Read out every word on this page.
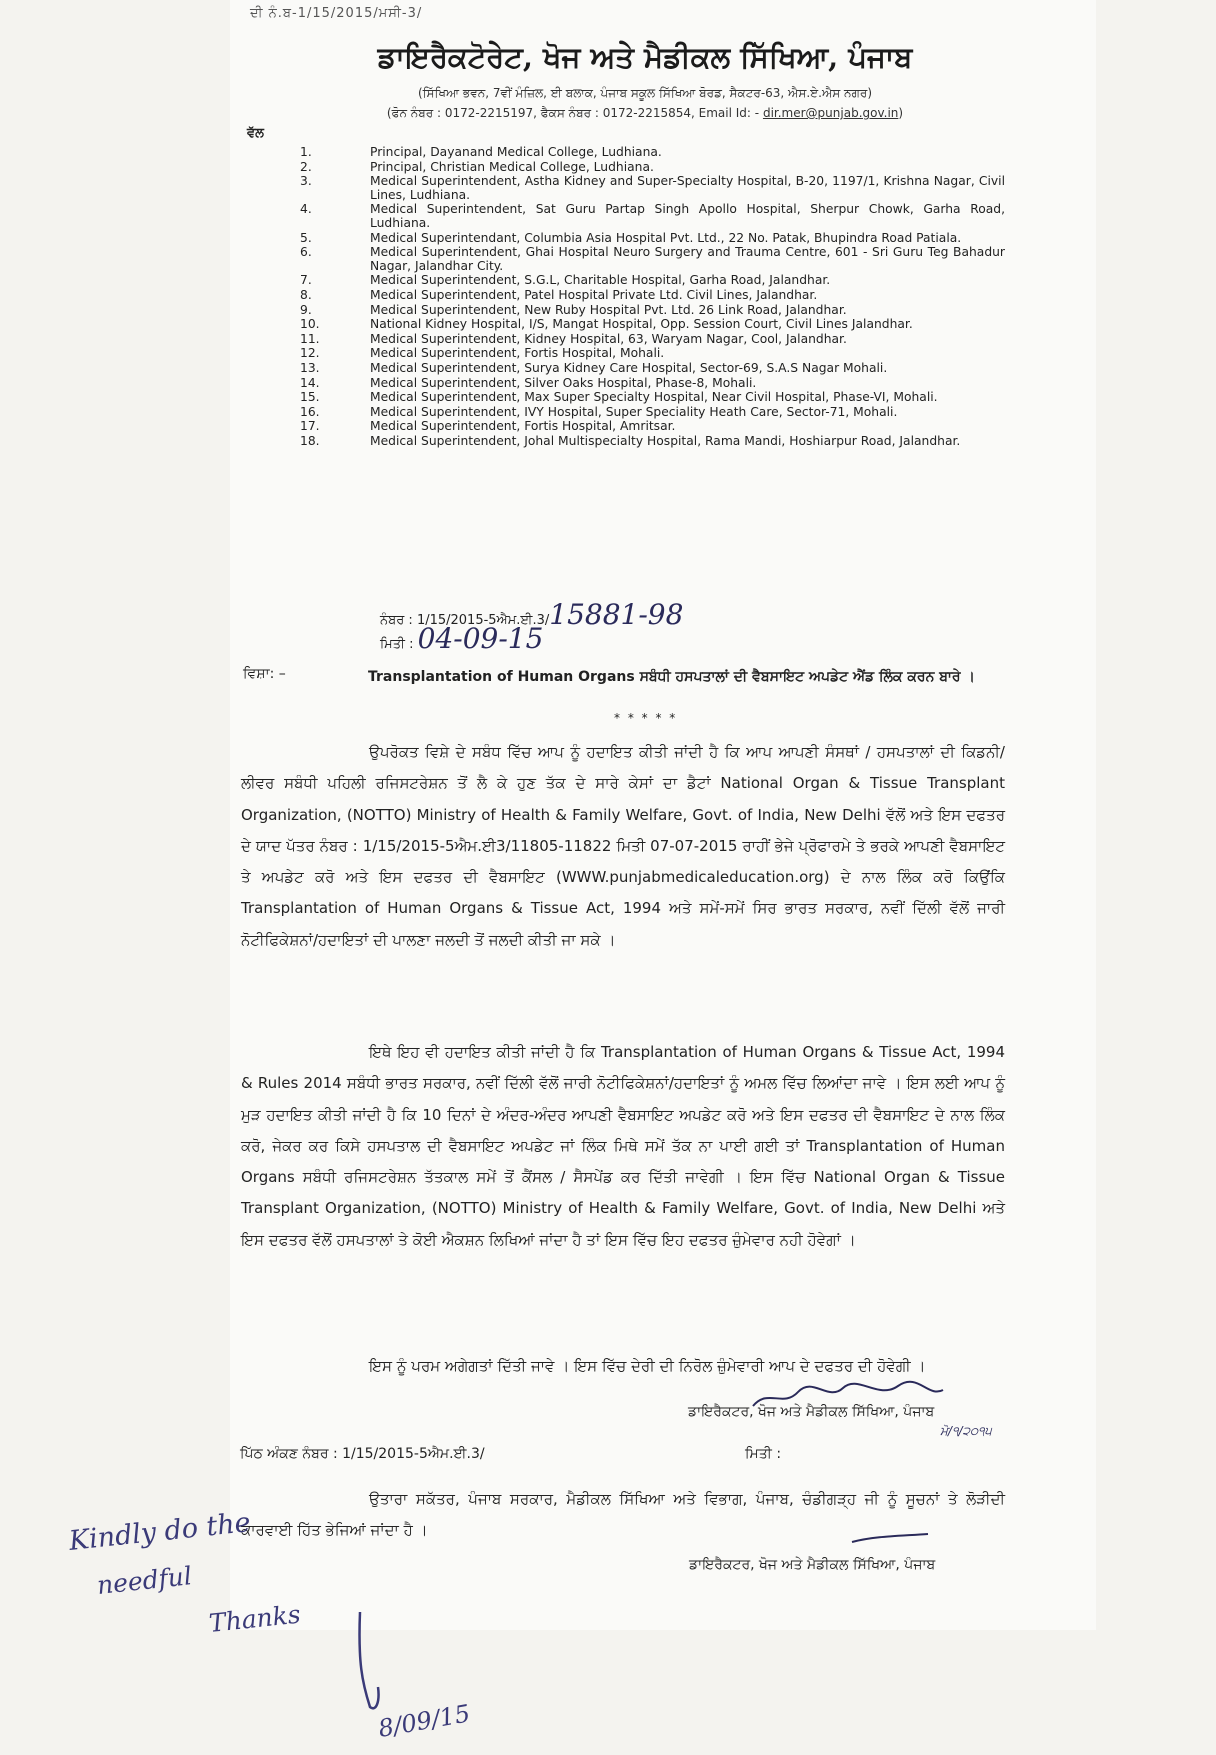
ਦੀ ਨੰ.ਬ-1/15/2015/ਮਸੀ-3/
ਡਾਇਰੈਕਟੋਰੇਟ, ਖੋਜ ਅਤੇ ਮੈਡੀਕਲ ਸਿੱਖਿਆ, ਪੰਜਾਬ
(ਸਿੱਖਿਆ ਭਵਨ, 7ਵੀਂ ਮੰਜ਼ਿਲ, ਈ ਬਲਾਕ, ਪੰਜਾਬ ਸਕੂਲ ਸਿੱਖਿਆ ਬੋਰਡ, ਸੈਕਟਰ-63, ਐਸ.ਏ.ਐਸ ਨਗਰ)
(ਫੋਨ ਨੰਬਰ : 0172-2215197, ਫੈਕਸ ਨੰਬਰ : 0172-2215854, Email Id: - dir.mer@punjab.gov.in)
ਵੱਲ
1.	Principal, Dayanand Medical College, Ludhiana.
2.	Principal, Christian Medical College, Ludhiana.
3.	Medical Superintendent, Astha Kidney and Super-Specialty Hospital, B-20, 1197/1, Krishna Nagar, Civil Lines, Ludhiana.
4.	Medical Superintendent, Sat Guru Partap Singh Apollo Hospital, Sherpur Chowk, Garha Road, Ludhiana.
5.	Medical Superintendant, Columbia Asia Hospital Pvt. Ltd., 22 No. Patak, Bhupindra Road Patiala.
6.	Medical Superintendent, Ghai Hospital Neuro Surgery and Trauma Centre, 601 - Sri Guru Teg Bahadur Nagar, Jalandhar City.
7.	Medical Superintendent, S.G.L, Charitable Hospital, Garha Road, Jalandhar.
8.	Medical Superintendent, Patel Hospital Private Ltd. Civil Lines, Jalandhar.
9.	Medical Superintendent, New Ruby Hospital Pvt. Ltd. 26 Link Road, Jalandhar.
10.	National Kidney Hospital, I/S, Mangat Hospital, Opp. Session Court, Civil Lines Jalandhar.
11.	Medical Superintendent, Kidney Hospital, 63, Waryam Nagar, Cool, Jalandhar.
12.	Medical Superintendent, Fortis Hospital, Mohali.
13.	Medical Superintendent, Surya Kidney Care Hospital, Sector-69, S.A.S Nagar Mohali.
14.	Medical Superintendent, Silver Oaks Hospital, Phase-8, Mohali.
15.	Medical Superintendent, Max Super Specialty Hospital, Near Civil Hospital, Phase-VI, Mohali.
16.	Medical Superintendent, IVY Hospital, Super Speciality Heath Care, Sector-71, Mohali.
17.	Medical Superintendent, Fortis Hospital, Amritsar.
18.	Medical Superintendent, Johal Multispecialty Hospital, Rama Mandi, Hoshiarpur Road, Jalandhar.
ਨੰਬਰ : 1/15/2015-5ਐਮ.ਈ.3/15881-98
ਮਿਤੀ : 04-09-15
ਵਿਸ਼ਾ: –	Transplantation of Human Organs ਸਬੰਧੀ ਹਸਪਤਾਲਾਂ ਦੀ ਵੈਬਸਾਇਟ ਅਪਡੇਟ ਐਂਡ ਲਿੰਕ ਕਰਨ ਬਾਰੇ ।
* * * * *

ਉਪਰੋਕਤ ਵਿਸ਼ੇ ਦੇ ਸਬੰਧ ਵਿੱਚ ਆਪ ਨੂੰ ਹਦਾਇਤ ਕੀਤੀ ਜਾਂਦੀ ਹੈ ਕਿ ਆਪ ਆਪਣੀ ਸੰਸਥਾਂ / ਹਸਪਤਾਲਾਂ ਦੀ ਕਿਡਨੀ/ਲੀਵਰ ਸਬੰਧੀ ਪਹਿਲੀ ਰਜਿਸਟਰੇਸ਼ਨ ਤੋਂ ਲੈ ਕੇ ਹੁਣ ਤੱਕ ਦੇ ਸਾਰੇ ਕੇਸਾਂ ਦਾ ਡੈਟਾਂ National Organ & Tissue Transplant Organization, (NOTTO) Ministry of Health & Family Welfare, Govt. of India, New Delhi ਵੱਲੋਂ ਅਤੇ ਇਸ ਦਫਤਰ ਦੇ ਯਾਦ ਪੱਤਰ ਨੰਬਰ : 1/15/2015-5ਐਮ.ਈ3/11805-11822 ਮਿਤੀ 07-07-2015 ਰਾਹੀਂ ਭੇਜੇ ਪ੍ਰੋਫਾਰਮੇ ਤੇ ਭਰਕੇ ਆਪਣੀ ਵੈਬਸਾਇਟ ਤੇ ਅਪਡੇਟ ਕਰੋ ਅਤੇ ਇਸ ਦਫਤਰ ਦੀ ਵੈਬਸਾਇਟ (WWW.punjabmedicaleducation.org) ਦੇ ਨਾਲ ਲਿੰਕ ਕਰੋ ਕਿਉਂਕਿ Transplantation of Human Organs & Tissue Act, 1994 ਅਤੇ ਸਮੇਂ-ਸਮੇਂ ਸਿਰ ਭਾਰਤ ਸਰਕਾਰ, ਨਵੀਂ ਦਿੱਲੀ ਵੱਲੋਂ ਜਾਰੀ ਨੋਟੀਫਿਕੇਸ਼ਨਾਂ/ਹਦਾਇਤਾਂ ਦੀ ਪਾਲਣਾ ਜਲਦੀ ਤੋਂ ਜਲਦੀ ਕੀਤੀ ਜਾ ਸਕੇ ।

ਇਥੇ ਇਹ ਵੀ ਹਦਾਇਤ ਕੀਤੀ ਜਾਂਦੀ ਹੈ ਕਿ Transplantation of Human Organs & Tissue Act, 1994 & Rules 2014 ਸਬੰਧੀ ਭਾਰਤ ਸਰਕਾਰ, ਨਵੀਂ ਦਿੱਲੀ ਵੱਲੋਂ ਜਾਰੀ ਨੋਟੀਫਿਕੇਸ਼ਨਾਂ/ਹਦਾਇਤਾਂ ਨੂੰ ਅਮਲ ਵਿੱਚ ਲਿਆਂਦਾ ਜਾਵੇ । ਇਸ ਲਈ ਆਪ ਨੂੰ ਮੁੜ ਹਦਾਇਤ ਕੀਤੀ ਜਾਂਦੀ ਹੈ ਕਿ 10 ਦਿਨਾਂ ਦੇ ਅੰਦਰ-ਅੰਦਰ ਆਪਣੀ ਵੈਬਸਾਇਟ ਅਪਡੇਟ ਕਰੋ ਅਤੇ ਇਸ ਦਫਤਰ ਦੀ ਵੈਬਸਾਇਟ ਦੇ ਨਾਲ ਲਿੰਕ ਕਰੋ, ਜੇਕਰ ਕਰ ਕਿਸੇ ਹਸਪਤਾਲ ਦੀ ਵੈਬਸਾਇਟ ਅਪਡੇਟ ਜਾਂ ਲਿੰਕ ਮਿਥੇ ਸਮੇਂ ਤੱਕ ਨਾ ਪਾਈ ਗਈ ਤਾਂ Transplantation of Human Organs ਸਬੰਧੀ ਰਜਿਸਟਰੇਸ਼ਨ ਤੱਤਕਾਲ ਸਮੇਂ ਤੋਂ ਕੈਂਸਲ / ਸੈਸਪੇਂਡ ਕਰ ਦਿੱਤੀ ਜਾਵੇਗੀ । ਇਸ ਵਿੱਚ National Organ & Tissue Transplant Organization, (NOTTO) Ministry of Health & Family Welfare, Govt. of India, New Delhi ਅਤੇ ਇਸ ਦਫਤਰ ਵੱਲੋਂ ਹਸਪਤਾਲਾਂ ਤੇ ਕੋਈ ਐਕਸ਼ਨ ਲਿਖਿਆਂ ਜਾਂਦਾ ਹੈ ਤਾਂ ਇਸ ਵਿੱਚ ਇਹ ਦਫਤਰ ਜ਼ੁੰਮੇਵਾਰ ਨਹੀ ਹੋਵੇਗਾਂ ।

ਇਸ ਨੂੰ ਪਰਮ ਅਗੇਗਤਾਂ ਦਿੱਤੀ ਜਾਵੇ । ਇਸ ਵਿੱਚ ਦੇਰੀ ਦੀ ਨਿਰੋਲ ਜ਼ੁੰਮੇਵਾਰੀ ਆਪ ਦੇ ਦਫਤਰ ਦੀ ਹੋਵੇਗੀ ।

ਡਾਇਰੈਕਟਰ, ਖੋਜ ਅਤੇ ਮੈਡੀਕਲ ਸਿੱਖਿਆ, ਪੰਜਾਬ
ਮੋ/੧/੨੦੧੫
ਪਿੱਠ ਅੰਕਣ ਨੰਬਰ : 1/15/2015-5ਐਮ.ਈ.3/	ਮਿਤੀ :

ਉਤਾਰਾ ਸਕੱਤਰ, ਪੰਜਾਬ ਸਰਕਾਰ, ਮੈਡੀਕਲ ਸਿੱਖਿਆ ਅਤੇ ਵਿਭਾਗ, ਪੰਜਾਬ, ਚੰਡੀਗੜ੍ਹ ਜੀ ਨੂੰ ਸੂਚਨਾਂ ਤੇ ਲੋੜੀਦੀ ਕਾਰਵਾਈ ਹਿੱਤ ਭੇਜਿਆਂ ਜਾਂਦਾ ਹੈ ।

ਡਾਇਰੈਕਟਰ, ਖੋਜ ਅਤੇ ਮੈਡੀਕਲ ਸਿੱਖਿਆ, ਪੰਜਾਬ
Kindly do the
needful
Thanks
8/09/15
